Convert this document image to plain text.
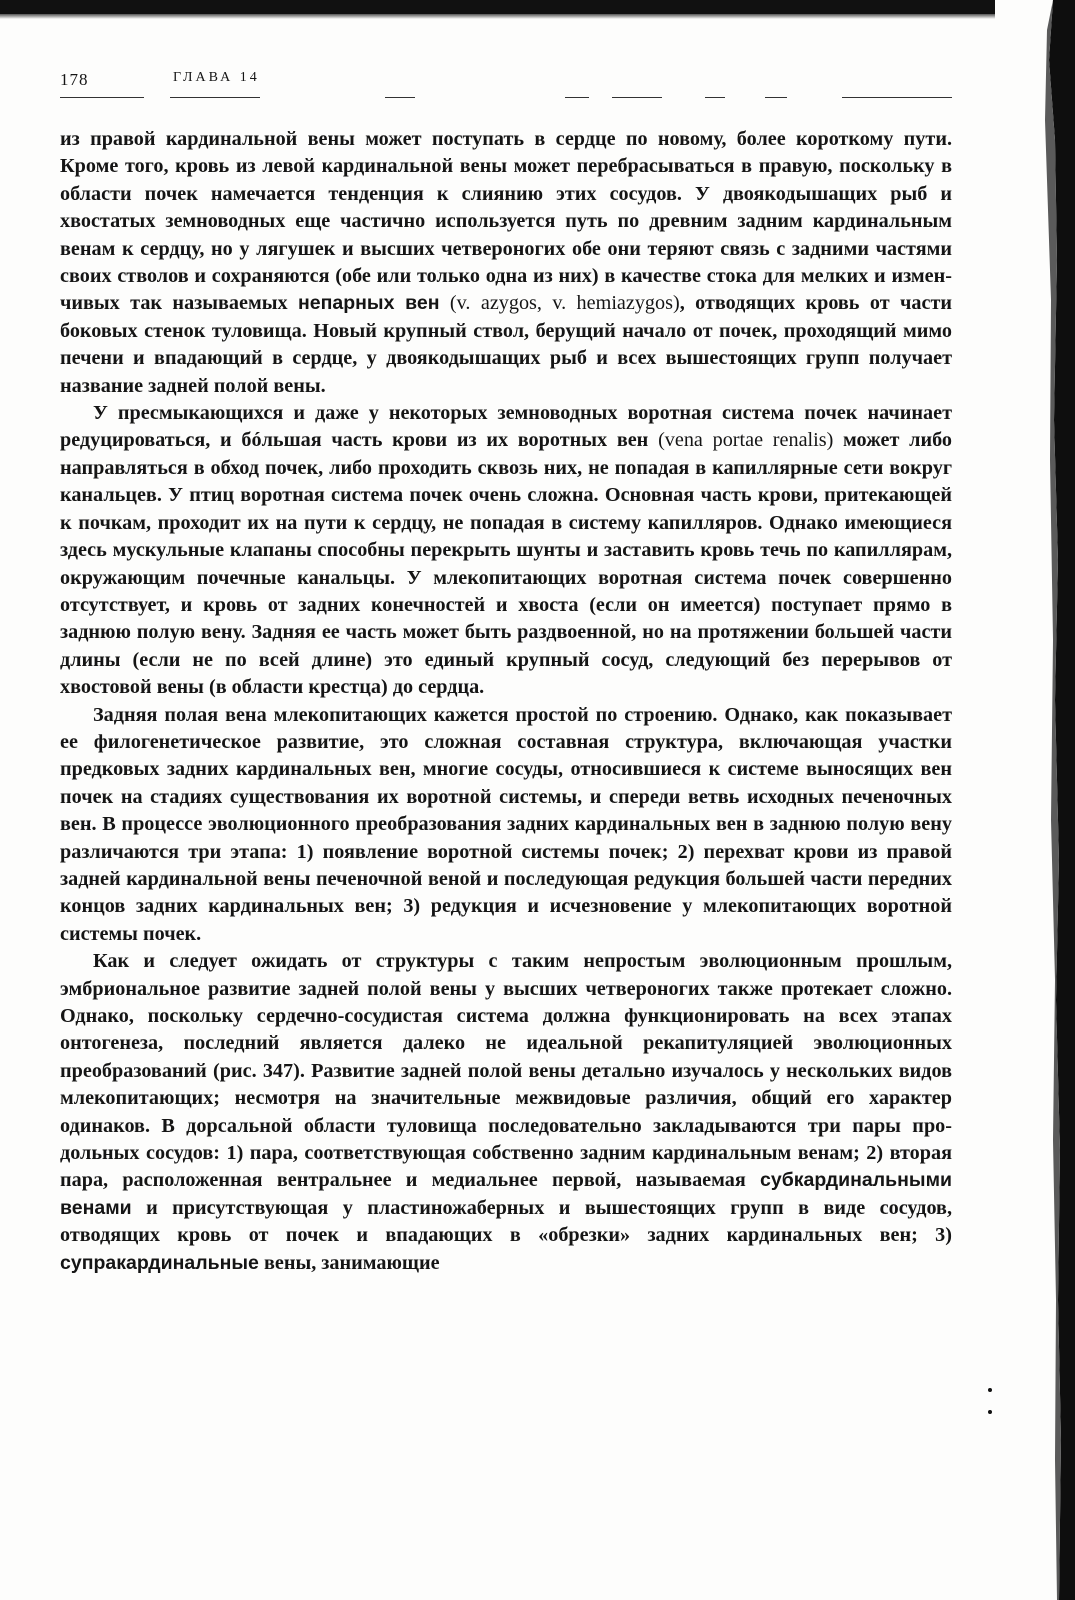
178	ГЛАВА 14

из правой кардинальной вены может поступать в сердце по новому, более короткому пути. Кроме того, кровь из левой кардинальной вены может перебрасываться в правую, поскольку в области почек намечается тенденция к слиянию этих сосудов. У двоякодышащих рыб и хвостатых земноводных еще частично используется путь по древним задним кардинальным венам к сердцу, но у лягушек и высших четвероногих обе они теряют связь с задними частями своих стволов и сохраняются (обе или только одна из них) в качестве стока для мелких и изменчивых так называемых непарных вен (v. azygos, v. hemiazygos), отводящих кровь от части боковых стенок туловища. Новый крупный ствол, берущий начало от почек, проходящий мимо печени и впадающий в сердце, у двоякодышащих рыб и всех вышестоящих групп получает название задней полой вены.

У пресмыкающихся и даже у некоторых земноводных воротная система почек начинает редуцироваться, и бóльшая часть крови из их воротных вен (vena portae renalis) может либо направляться в обход почек, либо проходить сквозь них, не попадая в капиллярные сети вокруг канальцев. У птиц воротная система почек очень сложна. Основная часть крови, притекающей к почкам, проходит их на пути к сердцу, не попадая в систему капилляров. Однако имеющиеся здесь мускульные клапаны способны перекрыть шунты и заставить кровь течь по капиллярам, окружающим почечные канальцы. У млекопитающих воротная система почек совершенно отсутствует, и кровь от задних конечностей и хвоста (если он имеется) поступает прямо в заднюю полую вену. Задняя ее часть может быть раздвоенной, но на протяжении большей части длины (если не по всей длине) это единый крупный сосуд, следующий без перерывов от хвостовой вены (в области крестца) до сердца.

Задняя полая вена млекопитающих кажется простой по строению. Однако, как показывает ее филогенетическое развитие, это сложная составная структура, включающая участки предковых задних кардинальных вен, многие сосуды, относившиеся к системе выносящих вен почек на стадиях существования их воротной системы, и спереди ветвь исходных печеночных вен. В процессе эволюционного преобразования задних кардинальных вен в заднюю полую вену различаются три этапа: 1) появление воротной системы почек; 2) перехват крови из правой задней кардинальной вены печеночной веной и последующая редукция большей части передних концов задних кардинальных вен; 3) редукция и исчезновение у млекопитающих воротной системы почек.

Как и следует ожидать от структуры с таким непростым эволюционным прошлым, эмбриональное развитие задней полой вены у высших четвероногих также протекает сложно. Однако, поскольку сердечно-сосудистая система должна функционировать на всех этапах онтогенеза, последний является далеко не идеальной рекапитуляцией эволюционных преобразований (рис. 347). Развитие задней полой вены детально изучалось у нескольких видов млекопитающих; несмотря на значительные межвидовые различия, общий его характер одинаков. В дорсальной области туловища последовательно закладываются три пары продольных сосудов: 1) пара, соответствующая собственно задним кардинальным венам; 2) вторая пара, расположенная вентральнее и медиальнее первой, называемая субкардинальными венами и присутствующая у пластиножаберных и вышестоящих групп в виде сосудов, отводящих кровь от почек и впадающих в «обрезки» задних кардинальных вен; 3) супракардинальные вены, занимающие
